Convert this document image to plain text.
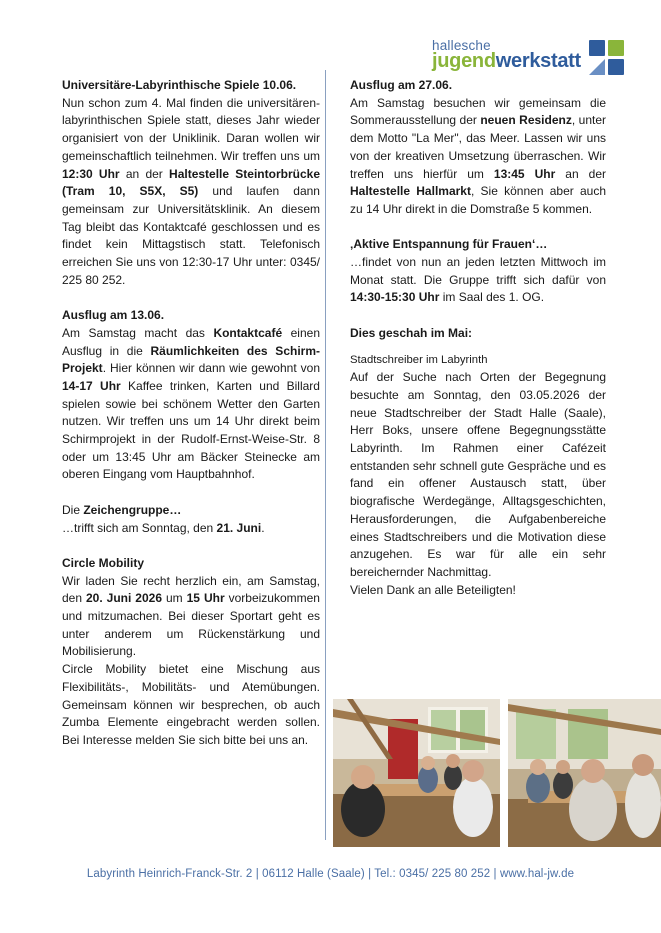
hallesche
jugendwerkstatt

Universitäre-Labyrinthische Spiele 10.06.

Nun schon zum 4. Mal finden die universitären-labyrinthischen Spiele statt, dieses Jahr wieder organisiert von der Uniklinik. Daran wollen wir gemeinschaftlich teilnehmen. Wir treffen uns um 12:30 Uhr an der Haltestelle Steintorbrücke (Tram 10, S5X, S5) und laufen dann gemeinsam zur Universitätsklinik. An diesem Tag bleibt das Kontaktcafé geschlossen und es findet kein Mittagstisch statt. Telefonisch erreichen Sie uns von 12:30-17 Uhr unter: 0345/ 225 80 252.

Ausflug am 13.06.

Am Samstag macht das Kontaktcafé einen Ausflug in die Räumlichkeiten des Schirm-Projekt. Hier können wir dann wie gewohnt von 14-17 Uhr Kaffee trinken, Karten und Billard spielen sowie bei schönem Wetter den Garten nutzen. Wir treffen uns um 14 Uhr direkt beim Schirmprojekt in der Rudolf-Ernst-Weise-Str. 8 oder um 13:45 Uhr am Bäcker Steinecke am oberen Eingang vom Hauptbahnhof.

Die Zeichengruppe…

…trifft sich am Sonntag, den 21. Juni.

Circle Mobility

Wir laden Sie recht herzlich ein, am Samstag, den 20. Juni 2026 um 15 Uhr vorbeizukommen und mitzumachen. Bei dieser Sportart geht es unter anderem um Rückenstärkung und Mobilisierung.

Circle Mobility bietet eine Mischung aus Flexibilitäts-, Mobilitäts- und Atemübungen. Gemeinsam können wir besprechen, ob auch Zumba Elemente eingebracht werden sollen. Bei Interesse melden Sie sich bitte bei uns an.

Ausflug am 27.06.

Am Samstag besuchen wir gemeinsam die Sommerausstellung der neuen Residenz, unter dem Motto "La Mer", das Meer. Lassen wir uns von der kreativen Umsetzung überraschen. Wir treffen uns hierfür um 13:45 Uhr an der Haltestelle Hallmarkt, Sie können aber auch zu 14 Uhr direkt in die Domstraße 5 kommen.

‚Aktive Entspannung für Frauen‘…

…findet von nun an jeden letzten Mittwoch im Monat statt. Die Gruppe trifft sich dafür von 14:30-15:30 Uhr im Saal des 1. OG.

Dies geschah im Mai:

Stadtschreiber im Labyrinth

Auf der Suche nach Orten der Begegnung besuchte am Sonntag, den 03.05.2026 der neue Stadtschreiber der Stadt Halle (Saale), Herr Boks, unsere offene Begegnungsstätte Labyrinth. Im Rahmen einer Cafézeit entstanden sehr schnell gute Gespräche und es fand ein offener Austausch statt, über biografische Werdegänge, Alltagsgeschichten, Herausforderungen, die Aufgabenbereiche eines Stadtschreibers und die Motivation diese anzugehen. Es war für alle ein sehr bereichernder Nachmittag.

Vielen Dank an alle Beteiligten!

Labyrinth Heinrich-Franck-Str. 2 | 06112 Halle (Saale) | Tel.: 0345/ 225 80 252 | www.hal-jw.de
